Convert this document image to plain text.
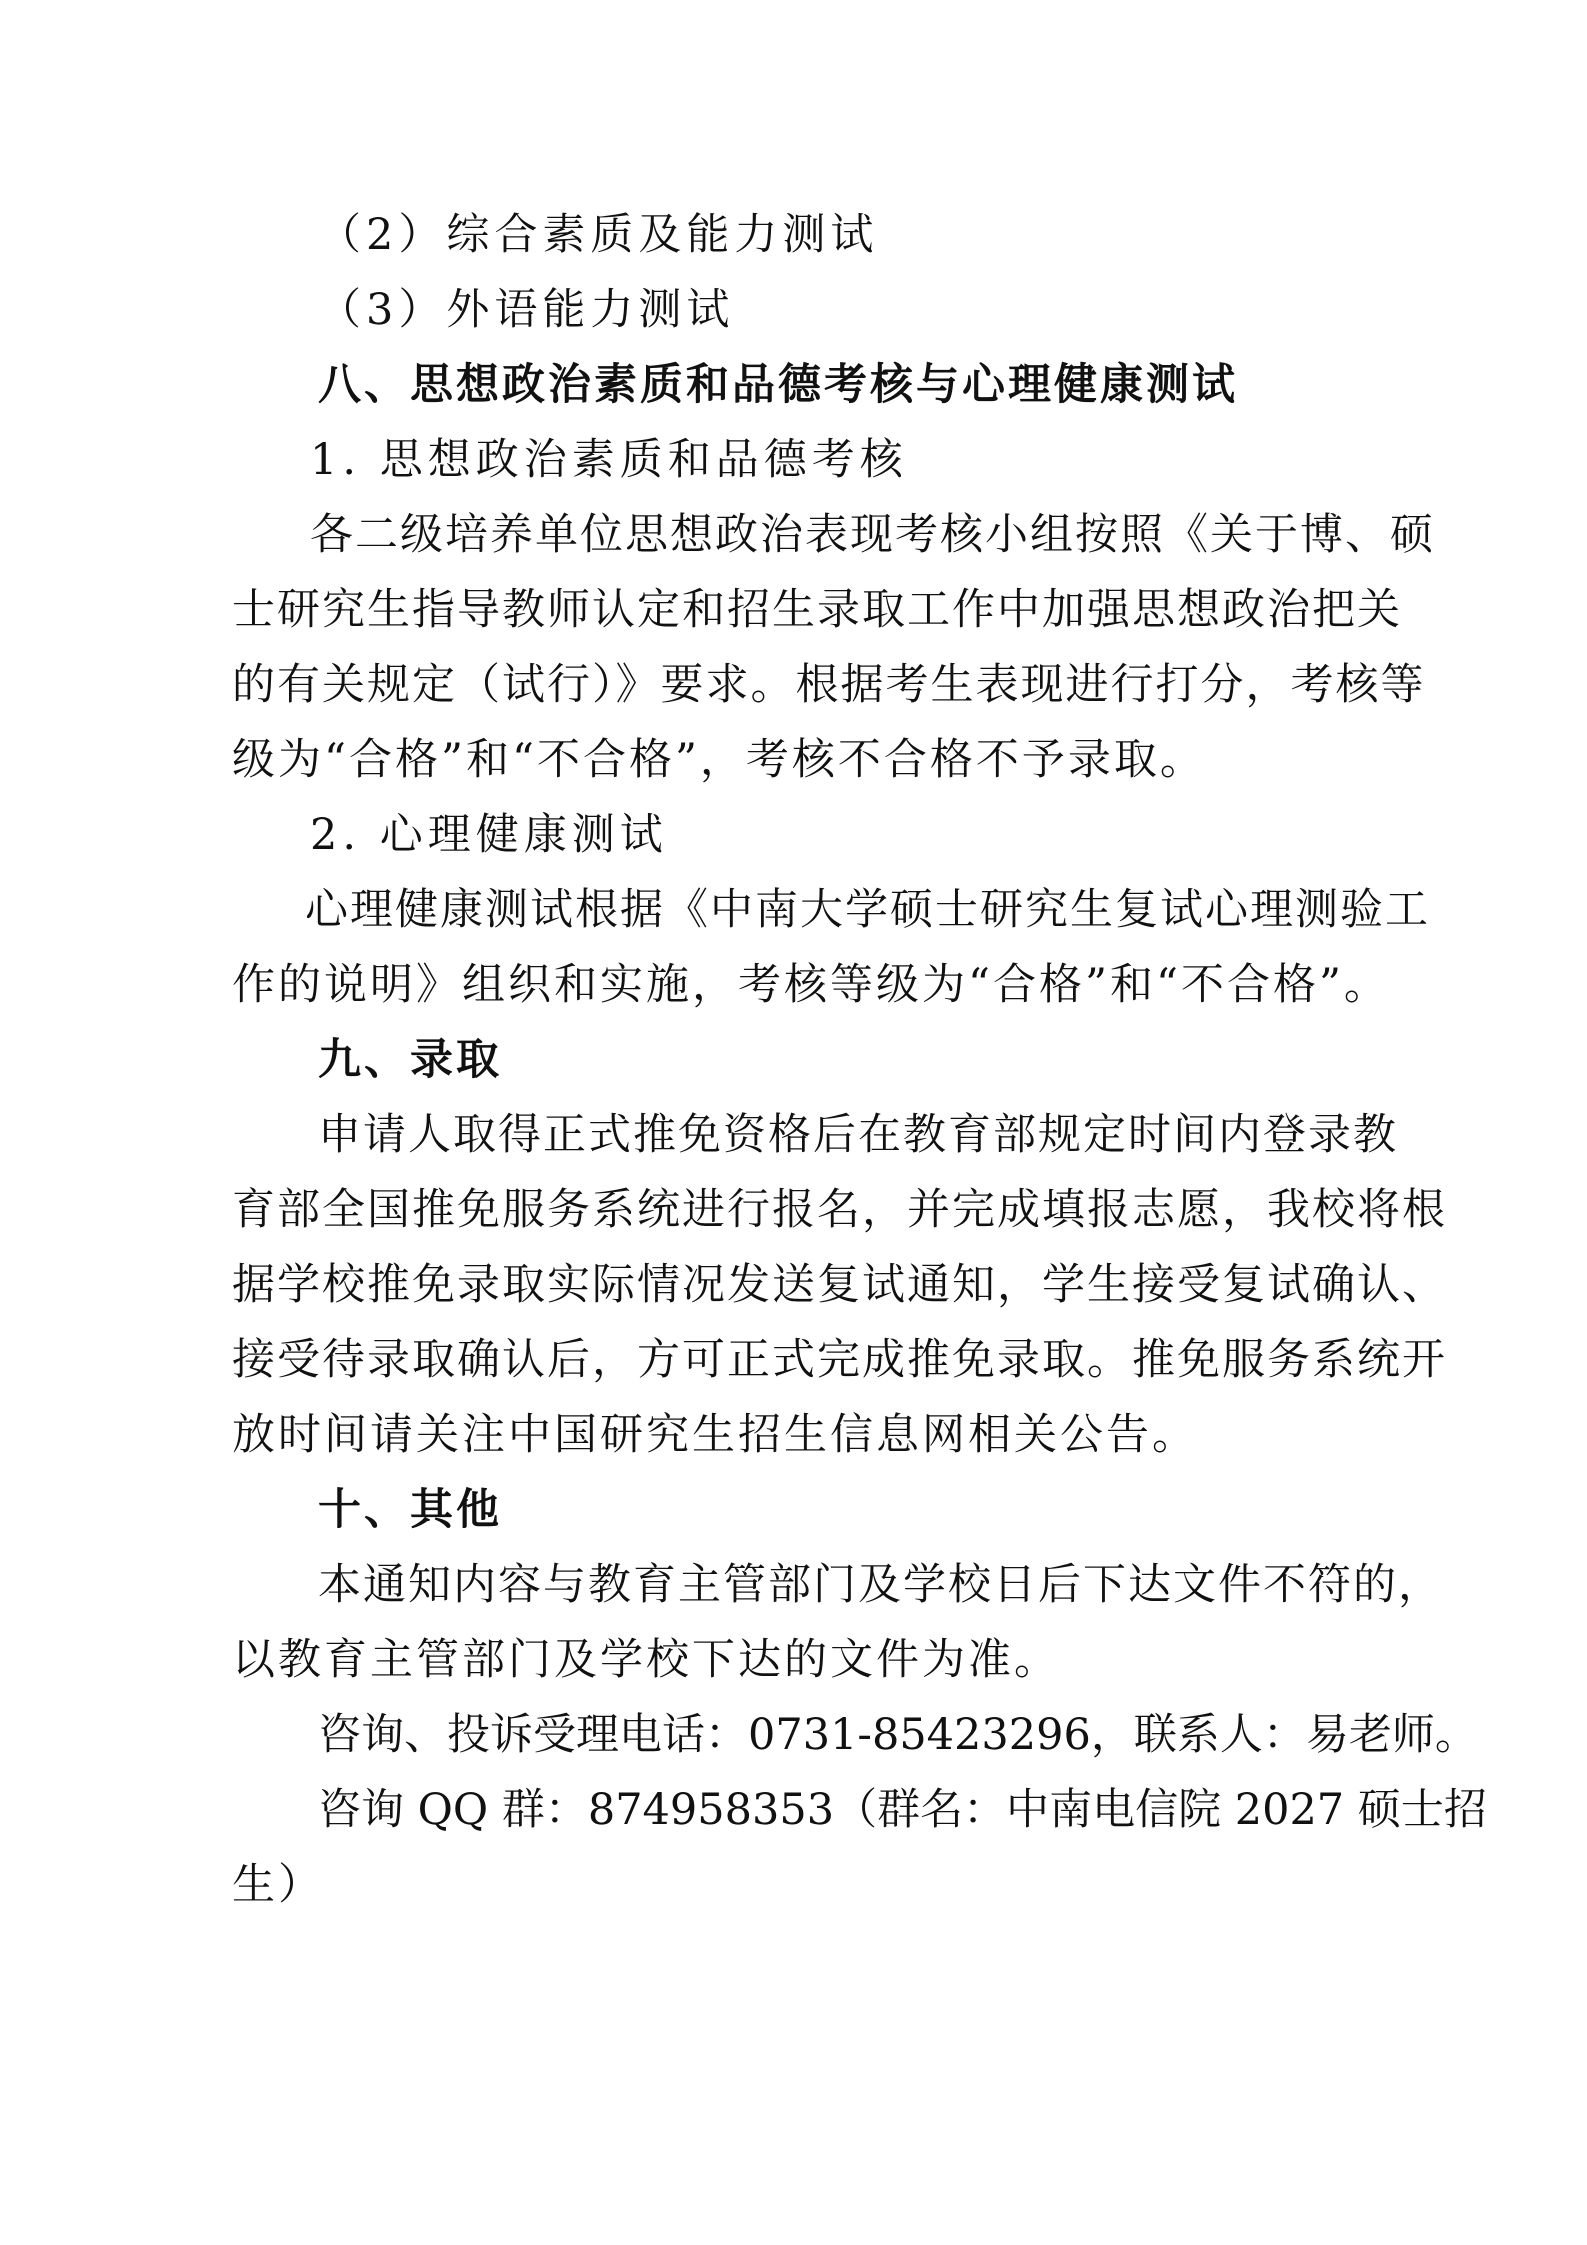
（2）综合素质及能力测试
（3）外语能力测试
八、思想政治素质和品德考核与心理健康测试
1. 思想政治素质和品德考核
各二级培养单位思想政治表现考核小组按照《关于博、硕
士研究生指导教师认定和招生录取工作中加强思想政治把关
的有关规定（试行）》要求。根据考生表现进行打分，考核等
级为“合格”和“不合格”，考核不合格不予录取。
2. 心理健康测试
心理健康测试根据《中南大学硕士研究生复试心理测验工
作的说明》组织和实施，考核等级为“合格”和“不合格”。
九、录取
申请人取得正式推免资格后在教育部规定时间内登录教
育部全国推免服务系统进行报名，并完成填报志愿，我校将根
据学校推免录取实际情况发送复试通知，学生接受复试确认、
接受待录取确认后，方可正式完成推免录取。推免服务系统开
放时间请关注中国研究生招生信息网相关公告。
十、其他
本通知内容与教育主管部门及学校日后下达文件不符的，
以教育主管部门及学校下达的文件为准。
咨询、投诉受理电话：0731-85423296，联系人：易老师。
咨询 QQ 群：874958353（群名：中南电信院 2027 硕士招
生）
